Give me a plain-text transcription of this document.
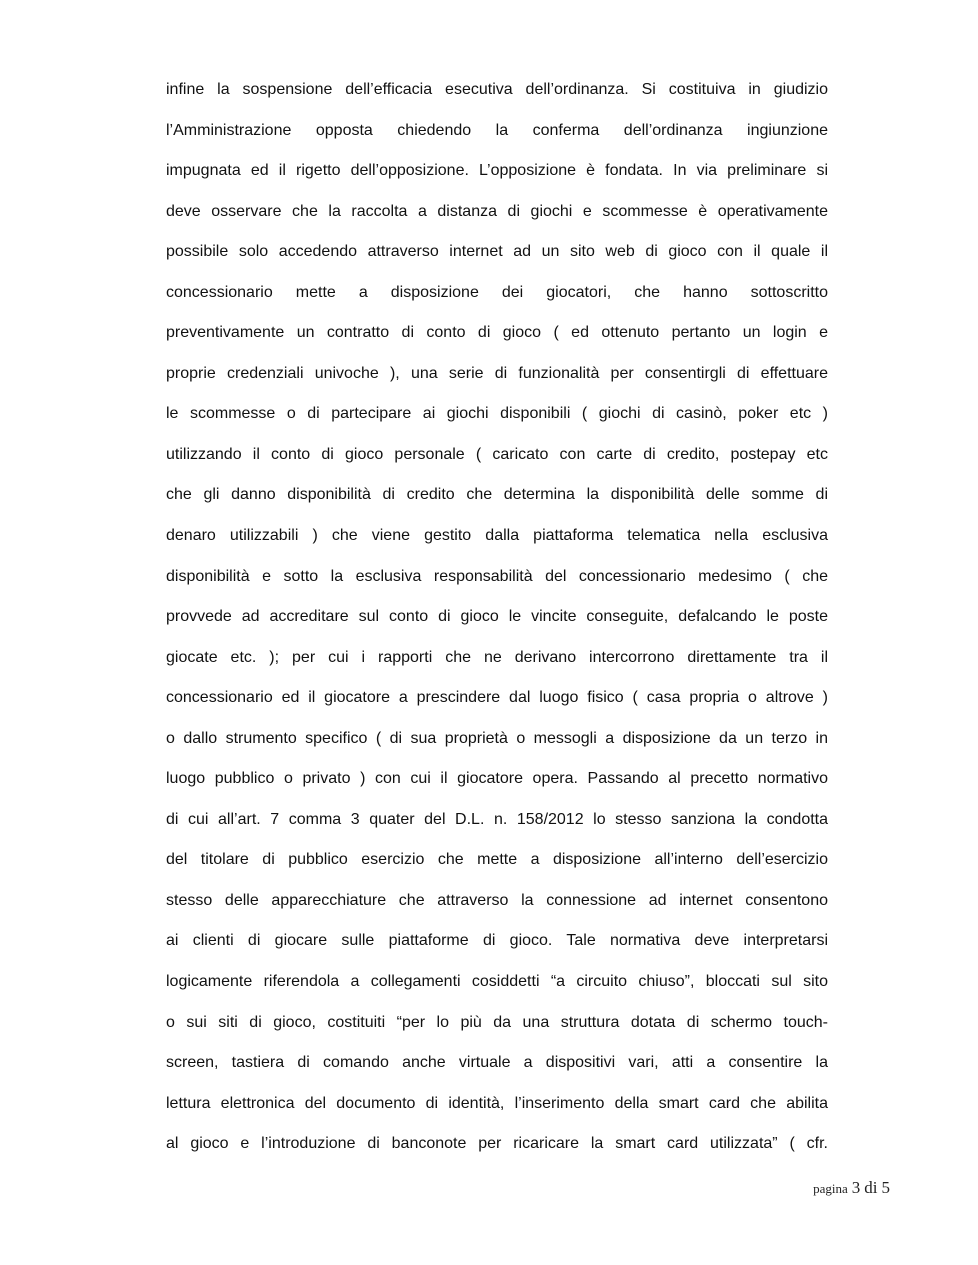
infine la sospensione dell’efficacia esecutiva dell’ordinanza. Si costituiva in giudizio
l’Amministrazione opposta chiedendo la conferma dell’ordinanza ingiunzione
impugnata ed il rigetto dell’opposizione. L’opposizione è fondata. In via preliminare si
deve osservare che la raccolta a distanza di giochi e scommesse è operativamente
possibile solo accedendo attraverso internet ad un sito web di gioco con il quale il
concessionario mette a disposizione dei giocatori, che hanno sottoscritto
preventivamente un contratto di conto di gioco ( ed ottenuto pertanto un login e
proprie credenziali univoche ), una serie di funzionalità per consentirgli di effettuare
le scommesse o di partecipare ai giochi disponibili ( giochi di casinò, poker etc )
utilizzando il conto di gioco personale ( caricato con carte di credito, postepay etc
che gli danno disponibilità di credito che determina la disponibilità delle somme di
denaro utilizzabili ) che viene gestito dalla piattaforma telematica nella esclusiva
disponibilità e sotto la esclusiva responsabilità del concessionario medesimo ( che
provvede ad accreditare sul conto di gioco le vincite conseguite, defalcando le poste
giocate etc. ); per cui i rapporti che ne derivano intercorrono direttamente tra il
concessionario ed il giocatore a prescindere dal luogo fisico ( casa propria o altrove )
o dallo strumento specifico ( di sua proprietà o messogli a disposizione da un terzo in
luogo pubblico o privato ) con cui il giocatore opera. Passando al precetto normativo
di cui all’art. 7 comma 3 quater del D.L. n. 158/2012 lo stesso sanziona la condotta
del titolare di pubblico esercizio che mette a disposizione all’interno dell’esercizio
stesso delle apparecchiature che attraverso la connessione ad internet consentono
ai clienti di giocare sulle piattaforme di gioco. Tale normativa deve interpretarsi
logicamente riferendola a collegamenti cosiddetti “a circuito chiuso”, bloccati sul sito
o sui siti di gioco, costituiti “per lo più da una struttura dotata di schermo touch-
screen, tastiera di comando anche virtuale a dispositivi vari, atti a consentire la
lettura elettronica del documento di identità, l’inserimento della smart card che abilita
al gioco e l’introduzione di banconote per ricaricare la smart card utilizzata” ( cfr.
pagina 3 di 5
